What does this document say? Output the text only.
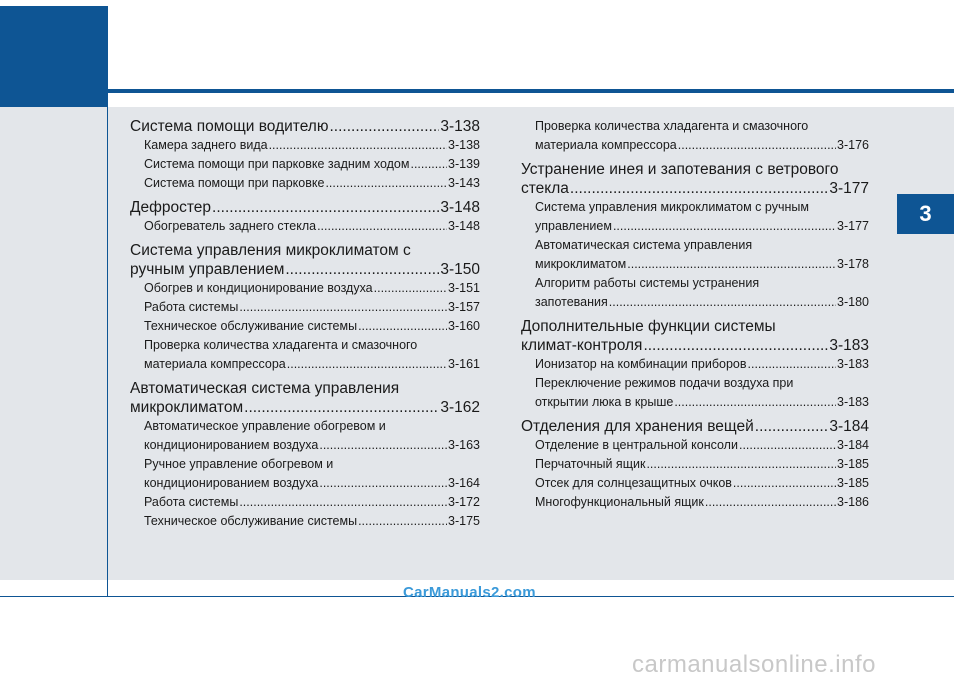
3
Система помощи водителю .....	3-138
Камера заднего вида .....	3-138
Система помощи при парковке задним ходом .....	3-139
Система помощи при парковке .....	3-143
Дефростер .....	3-148
Обогреватель заднего стекла .....	3-148
Система управления микроклиматом с
ручным управлением .....	3-150
Обогрев и кондиционирование воздуха .....	3-151
Работа системы .....	3-157
Техническое обслуживание системы .....	3-160
Проверка количества хладагента и смазочного
материала компрессора .....	3-161
Автоматическая система управления
микроклиматом .....	3-162
Автоматическое управление обогревом и
кондиционированием воздуха .....	3-163
Ручное управление обогревом и
кондиционированием воздуха .....	3-164
Работа системы .....	3-172
Техническое обслуживание системы .....	3-175
Проверка количества хладагента и смазочного
материала компрессора .....	3-176
Устранение инея и запотевания с ветрового
стекла .....	3-177
Система управления микроклиматом с ручным
управлением .....	3-177
Автоматическая система управления
микроклиматом .....	3-178
Алгоритм работы системы устранения
запотевания .....	3-180
Дополнительные функции системы
климат-контроля .....	3-183
Ионизатор на комбинации приборов .....	3-183
Переключение режимов подачи воздуха при
открытии люка в крыше .....	3-183
Отделения для хранения вещей .....	3-184
Отделение в центральной консоли .....	3-184
Перчаточный ящик .....	3-185
Отсек для солнцезащитных очков .....	3-185
Многофункциональный ящик .....	3-186
CarManuals2.com
carmanualsonline.info
